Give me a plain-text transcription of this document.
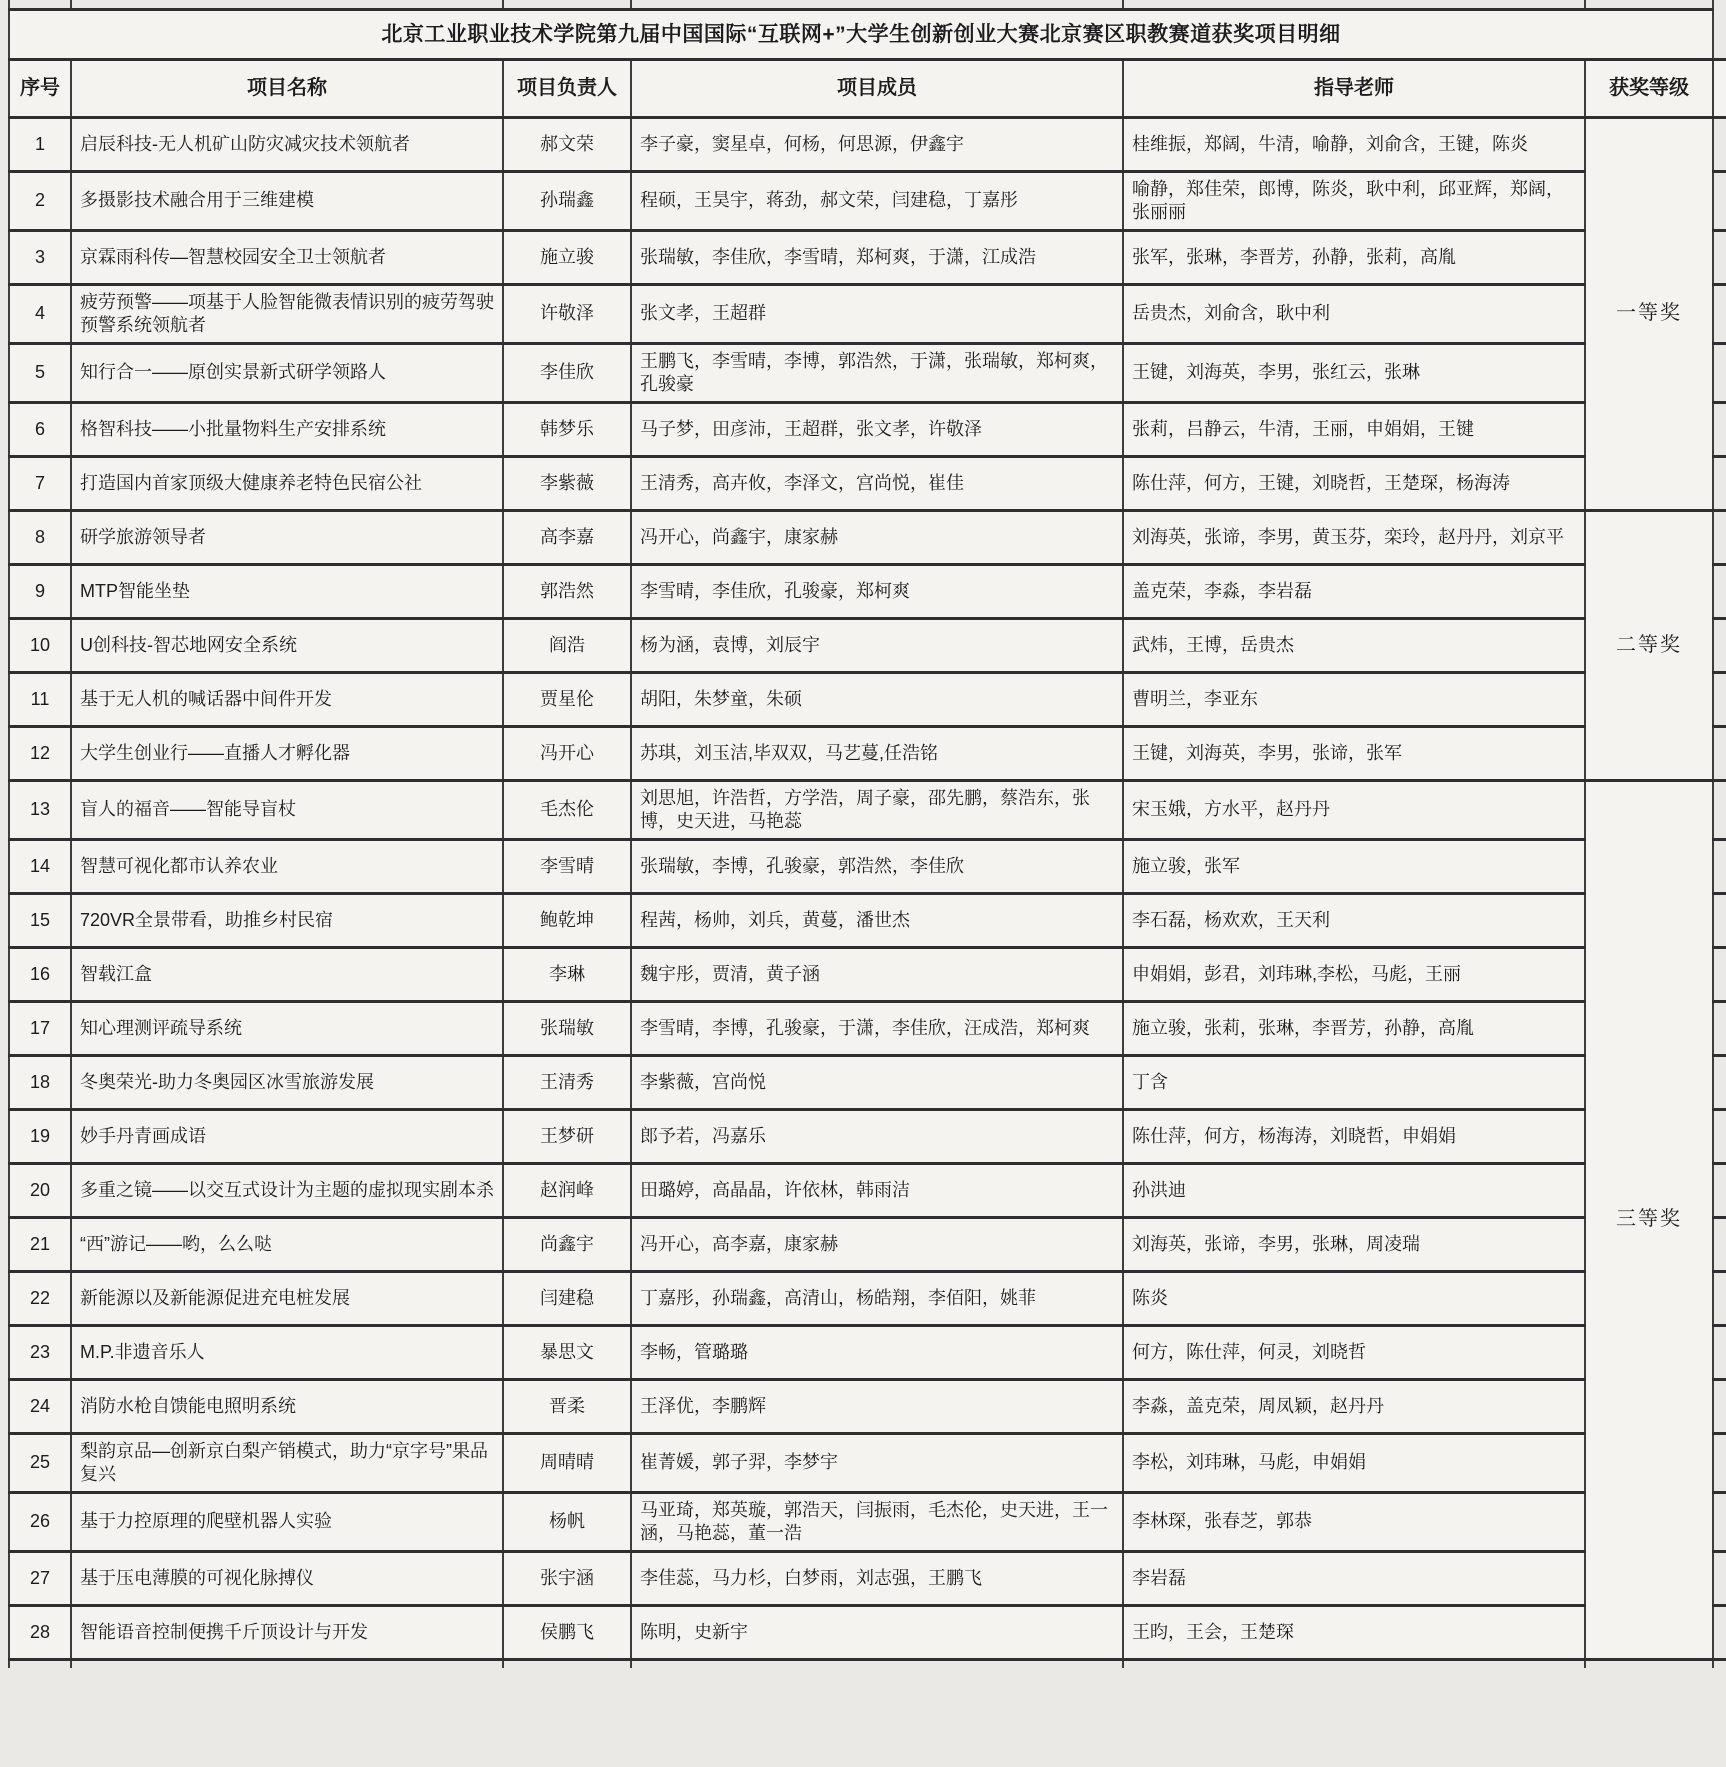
北京工业职业技术学院第九届中国国际“互联网+”大学生创新创业大赛北京赛区职教赛道获奖项目明细						
序号	项目名称	项目负责人	项目成员	指导老师	获奖等级	
1	启辰科技-无人机矿山防灾减灾技术领航者	郝文荣	李子豪，窦星卓，何杨，何思源，伊鑫宇	桂维振，郑阔，牛清，喻静，刘俞含，王键，陈炎	一等奖	
2	多摄影技术融合用于三维建模	孙瑞鑫	程硕，王昊宇，蒋劲，郝文荣，闫建稳，丁嘉彤	喻静，郑佳荣，郎博，陈炎，耿中利，邱亚辉，郑阔，张丽丽		
3	京霖雨科传—智慧校园安全卫士领航者	施立骏	张瑞敏，李佳欣，李雪晴，郑柯爽，于潇，江成浩	张军，张琳，李晋芳，孙静，张莉，高胤		
4	疲劳预警——项基于人脸智能微表情识别的疲劳驾驶预警系统领航者	许敬泽	张文孝，王超群	岳贵杰，刘俞含，耿中利		
5	知行合一——原创实景新式研学领路人	李佳欣	王鹏飞，李雪晴，李博，郭浩然，于潇，张瑞敏，郑柯爽，孔骏豪	王键，刘海英，李男，张红云，张琳		
6	格智科技——小批量物料生产安排系统	韩梦乐	马子梦，田彦沛，王超群，张文孝，许敬泽	张莉，吕静云，牛清，王丽，申娟娟，王键		
7	打造国内首家顶级大健康养老特色民宿公社	李紫薇	王清秀，高卉攸，李泽文，宫尚悦，崔佳	陈仕萍，何方，王键，刘晓哲，王楚琛，杨海涛		
8	研学旅游领导者	高李嘉	冯开心，尚鑫宇，康家赫	刘海英，张谛，李男，黄玉芬，栾玲，赵丹丹，刘京平	二等奖	
9	MTP智能坐垫	郭浩然	李雪晴，李佳欣，孔骏豪，郑柯爽	盖克荣，李淼，李岩磊		
10	U创科技-智芯地网安全系统	阎浩	杨为涵，袁博，刘辰宇	武炜，王博，岳贵杰		
11	基于无人机的喊话器中间件开发	贾星伦	胡阳，朱梦童，朱硕	曹明兰，李亚东		
12	大学生创业行——直播人才孵化器	冯开心	苏琪，刘玉洁,毕双双，马艺蔓,任浩铭	王键，刘海英，李男，张谛，张军		
13	盲人的福音——智能导盲杖	毛杰伦	刘思旭，许浩哲，方学浩，周子豪，邵先鹏，蔡浩东，张博，史天进，马艳蕊	宋玉娥，方水平，赵丹丹	三等奖	
14	智慧可视化都市认养农业	李雪晴	张瑞敏，李博，孔骏豪，郭浩然，李佳欣	施立骏，张军		
15	720VR全景带看，助推乡村民宿	鲍乾坤	程茜，杨帅，刘兵，黄蔓，潘世杰	李石磊，杨欢欢，王天利		
16	智载江盒	李琳	魏宇彤，贾清，黄子涵	申娟娟，彭君，刘玮琳,李松，马彪，王丽		
17	知心理测评疏导系统	张瑞敏	李雪晴，李博，孔骏豪，于潇，李佳欣，汪成浩，郑柯爽	施立骏，张莉，张琳，李晋芳，孙静，高胤		
18	冬奥荣光-助力冬奥园区冰雪旅游发展	王清秀	李紫薇，宫尚悦	丁含		
19	妙手丹青画成语	王梦研	郎予若，冯嘉乐	陈仕萍，何方，杨海涛，刘晓哲，申娟娟		
20	多重之镜——以交互式设计为主题的虚拟现实剧本杀	赵润峰	田璐婷，高晶晶，许依林，韩雨洁	孙洪迪		
21	“西”游记——哟，么么哒	尚鑫宇	冯开心，高李嘉，康家赫	刘海英，张谛，李男，张琳，周凌瑞		
22	新能源以及新能源促进充电桩发展	闫建稳	丁嘉彤，孙瑞鑫，高清山，杨皓翔，李佰阳，姚菲	陈炎		
23	M.P.非遗音乐人	暴思文	李畅，管璐璐	何方，陈仕萍，何灵，刘晓哲		
24	消防水枪自馈能电照明系统	晋柔	王泽优，李鹏辉	李淼，盖克荣，周凤颖，赵丹丹		
25	梨韵京品—创新京白梨产销模式，助力“京字号”果品复兴	周晴晴	崔菁媛，郭子羿，李梦宇	李松，刘玮琳，马彪，申娟娟		
26	基于力控原理的爬壁机器人实验	杨帆	马亚琦，郑英璇，郭浩天，闫振雨，毛杰伦，史天进，王一涵，马艳蕊，董一浩	李林琛，张春芝，郭恭		
27	基于压电薄膜的可视化脉搏仪	张宇涵	李佳蕊，马力杉，白梦雨，刘志强，王鹏飞	李岩磊		
28	智能语音控制便携千斤顶设计与开发	侯鹏飞	陈明，史新宇	王昀，王会，王楚琛		
